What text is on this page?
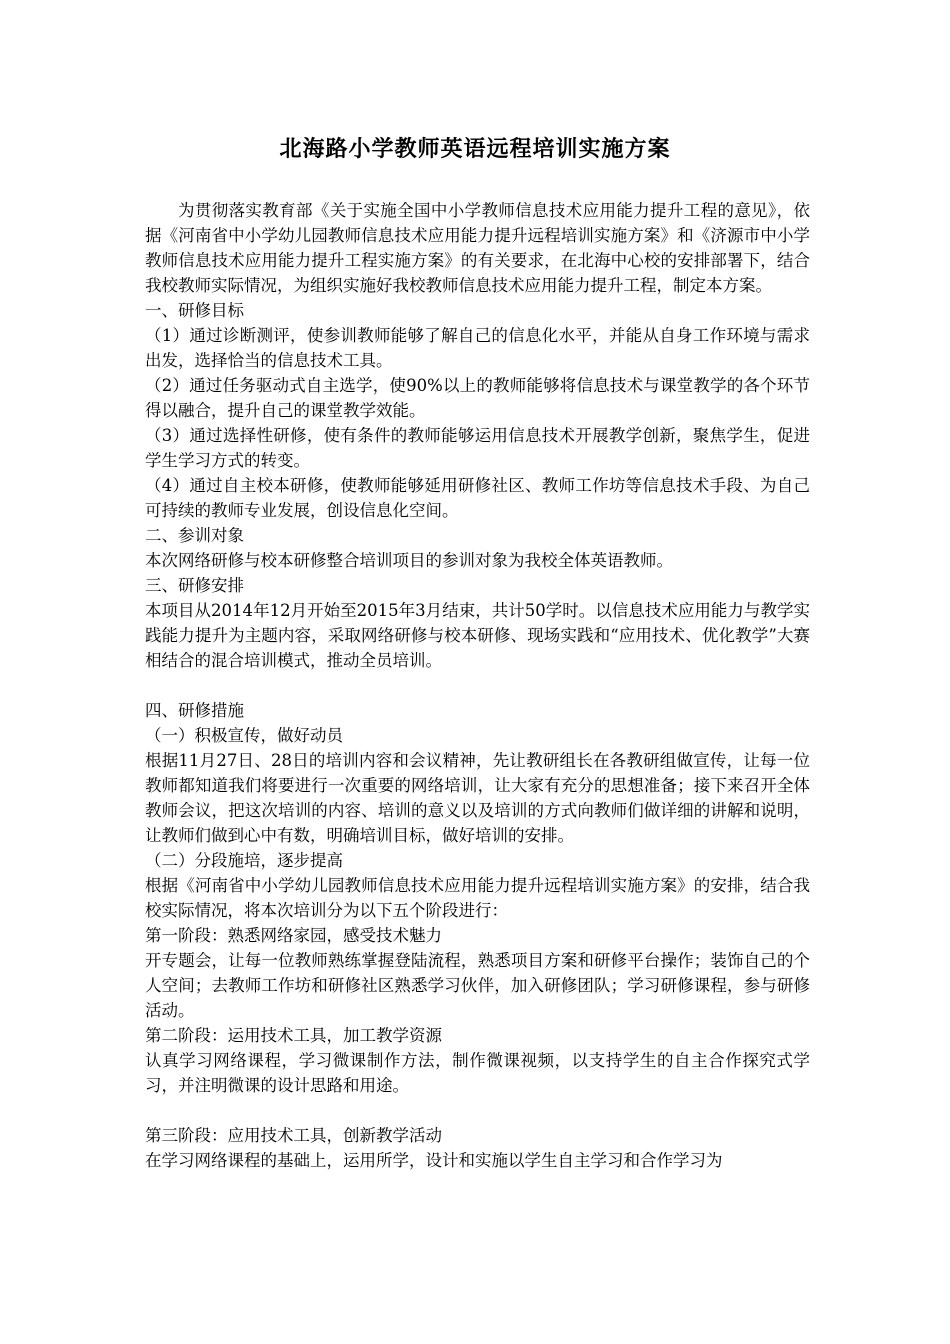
北海路小学教师英语远程培训实施方案

为贯彻落实教育部《关于实施全国中小学教师信息技术应用能力提升工程的意见》，依据《河南省中小学幼儿园教师信息技术应用能力提升远程培训实施方案》和《济源市中小学教师信息技术应用能力提升工程实施方案》的有关要求，在北海中心校的安排部署下，结合我校教师实际情况，为组织实施好我校教师信息技术应用能力提升工程，制定本方案。

一、研修目标

（1）通过诊断测评，使参训教师能够了解自己的信息化水平，并能从自身工作环境与需求出发，选择恰当的信息技术工具。

（2）通过任务驱动式自主选学，使90%以上的教师能够将信息技术与课堂教学的各个环节得以融合，提升自己的课堂教学效能。

（3）通过选择性研修，使有条件的教师能够运用信息技术开展教学创新，聚焦学生，促进学生学习方式的转变。

（4）通过自主校本研修，使教师能够延用研修社区、教师工作坊等信息技术手段、为自己可持续的教师专业发展，创设信息化空间。

二、参训对象

本次网络研修与校本研修整合培训项目的参训对象为我校全体英语教师。

三、研修安排

本项目从2014年12月开始至2015年3月结束，共计50学时。以信息技术应用能力与教学实践能力提升为主题内容，采取网络研修与校本研修、现场实践和“应用技术、优化教学”大赛相结合的混合培训模式，推动全员培训。

四、研修措施

（一）积极宣传，做好动员

根据11月27日、28日的培训内容和会议精神，先让教研组长在各教研组做宣传，让每一位教师都知道我们将要进行一次重要的网络培训，让大家有充分的思想准备；接下来召开全体教师会议，把这次培训的内容、培训的意义以及培训的方式向教师们做详细的讲解和说明，让教师们做到心中有数，明确培训目标，做好培训的安排。

（二）分段施培，逐步提高

根据《河南省中小学幼儿园教师信息技术应用能力提升远程培训实施方案》的安排，结合我校实际情况，将本次培训分为以下五个阶段进行：

第一阶段：熟悉网络家园，感受技术魅力

开专题会，让每一位教师熟练掌握登陆流程，熟悉项目方案和研修平台操作；装饰自己的个人空间；去教师工作坊和研修社区熟悉学习伙伴，加入研修团队；学习研修课程，参与研修活动。

第二阶段：运用技术工具，加工教学资源

认真学习网络课程，学习微课制作方法，制作微课视频，以支持学生的自主合作探究式学习，并注明微课的设计思路和用途。

第三阶段：应用技术工具，创新教学活动

在学习网络课程的基础上，运用所学，设计和实施以学生自主学习和合作学习为
